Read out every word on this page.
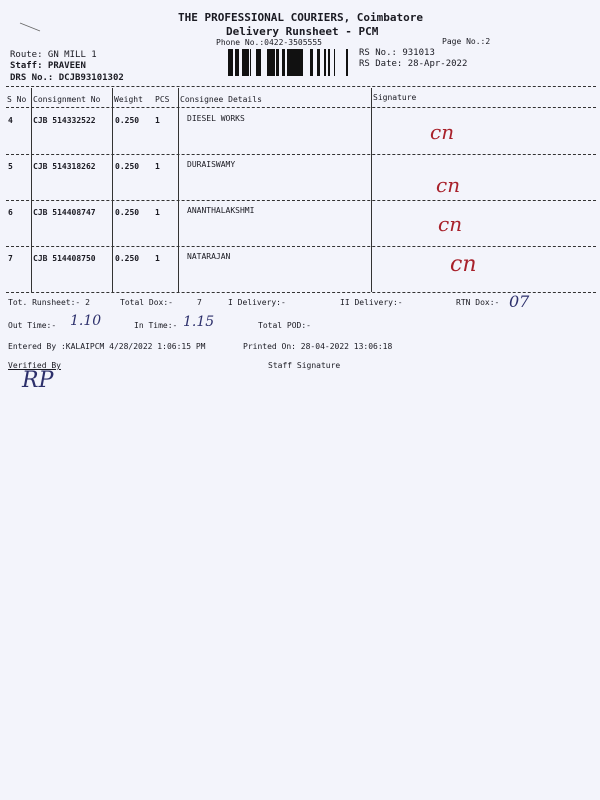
THE PROFESSIONAL COURIERS, Coimbatore
Delivery Runsheet - PCM
Phone No.:0422-3505555	Page No.:2
Route: GN MILL 1
Staff: PRAVEEN
DRS No.: DCJB93101302
RS No.: 931013
RS Date: 28-Apr-2022
S No Consignment No Weight PCS Consignee Details	Signature
4	CJB 514332522 0.250 1	DIESEL WORKS
cn
5	CJB 514318262 0.250 1	DURAISWAMY
cn
6	CJB 514408747 0.250 1	ANANTHALAKSHMI
cn
7	CJB 514408750 0.250 1	NATARAJAN	cn
Tot. Runsheet:- 2	Total Dox:-	7	I Delivery:-	II Delivery:-	RTN Dox:- 07
Out Time:- 1.10	In Time:- 1.15	Total POD:-
Entered By :KALAIPCM 4/28/2022 1:06:15 PM	Printed On: 28-04-2022 13:06:18
Verified By
RP
Staff Signature
